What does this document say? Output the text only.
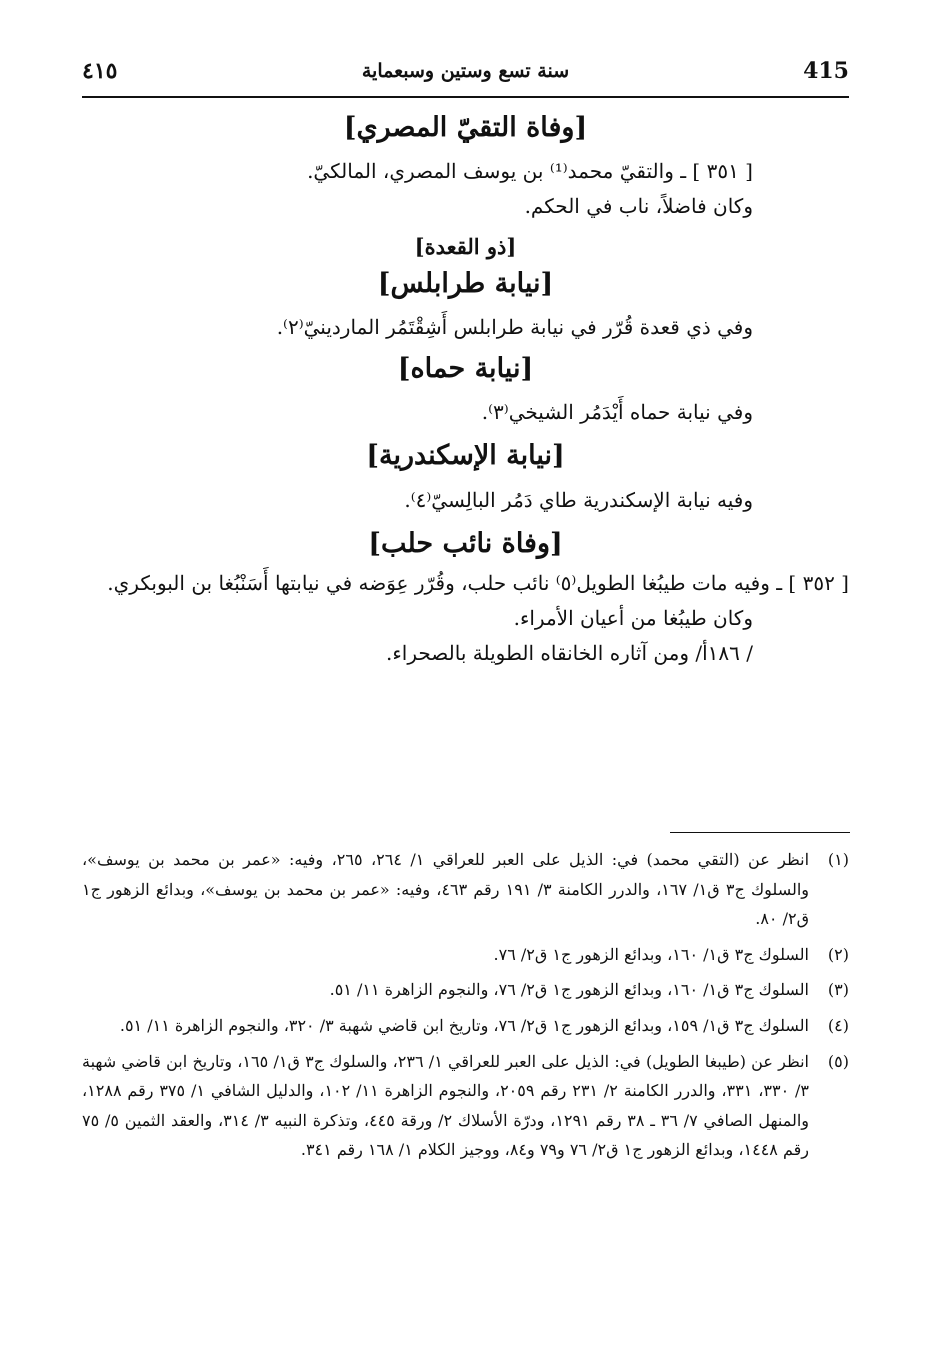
415
سنة تسع وستين وسبعماية
٤١٥
[وفاة التقيّ المصري]

[ ٣٥١ ] ـ والتقيّ محمد⁽¹⁾ بن يوسف المصري، المالكيّ.

وكان فاضلاً، ناب في الحكم.

[ذو القعدة]
[نيابة طرابلس]

وفي ذي قعدة قُرّر في نيابة طرابلس أَشِقْتَمُر الماردينيّ⁽٢⁾.

[نيابة حماه]

وفي نيابة حماه أَيْدَمُر الشيخي⁽٣⁾.

[نيابة الإسكندرية]

وفيه نيابة الإسكندرية طاي دَمُر البالِسيّ⁽٤⁾.

[وفاة نائب حلب]

[ ٣٥٢ ] ـ وفيه مات طيبُغا الطويل⁽٥⁾ نائب حلب، وقُرّر عِوَضه في نيابتها أَسَنْبُغا بن البوبكري.

وكان طيبُغا من أعيان الأمراء.

/ ١٨٦أ/ ومن آثاره الخانقاه الطويلة بالصحراء.

(١)
انظر عن (التقي محمد) في: الذيل على العبر للعراقي ١/ ٢٦٤، ٢٦٥، وفيه: «عمر بن محمد بن يوسف»، والسلوك ج٣ ق١/ ١٦٧، والدرر الكامنة ٣/ ١٩١ رقم ٤٦٣، وفيه: «عمر بن محمد بن يوسف»، وبدائع الزهور ج١ ق٢/ ٨٠.
(٢)
السلوك ج٣ ق١/ ١٦٠، وبدائع الزهور ج١ ق٢/ ٧٦.
(٣)
السلوك ج٣ ق١/ ١٦٠، وبدائع الزهور ج١ ق٢/ ٧٦، والنجوم الزاهرة ١١/ ٥١.
(٤)
السلوك ج٣ ق١/ ١٥٩، وبدائع الزهور ج١ ق٢/ ٧٦، وتاريخ ابن قاضي شهبة ٣/ ٣٢٠، والنجوم الزاهرة ١١/ ٥١.
(٥)
انظر عن (طيبغا الطويل) في: الذيل على العبر للعراقي ١/ ٢٣٦، والسلوك ج٣ ق١/ ١٦٥، وتاريخ ابن قاضي شهبة ٣/ ٣٣٠، ٣٣١، والدرر الكامنة ٢/ ٢٣١ رقم ٢٠٥٩، والنجوم الزاهرة ١١/ ١٠٢، والدليل الشافي ١/ ٣٧٥ رقم ١٢٨٨، والمنهل الصافي ٧/ ٣٦ ـ ٣٨ رقم ١٢٩١، ودرّة الأسلاك ٢/ ورقة ٤٤٥، وتذكرة النبيه ٣/ ٣١٤، والعقد الثمين ٥/ ٧٥ رقم ١٤٤٨، وبدائع الزهور ج١ ق٢/ ٧٦ و٧٩ و٨٤، ووجيز الكلام ١/ ١٦٨ رقم ٣٤١.
